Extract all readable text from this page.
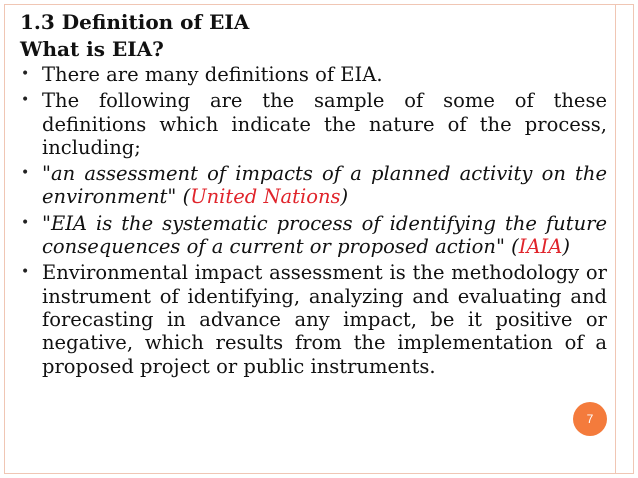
1.3 Definition of EIA
What is EIA?
• There are many definitions of EIA.
• The following are the sample of some of these definitions which indicate the nature of the process, including;
• "an assessment of impacts of a planned activity on the environment" (United Nations)
• "EIA is the systematic process of identifying the future consequences of a current or proposed action" (IAIA)
• Environmental impact assessment is the methodology or instrument of identifying, analyzing and evaluating and forecasting in advance any impact, be it positive or negative, which results from the implementation of a proposed project or public instruments.
7
